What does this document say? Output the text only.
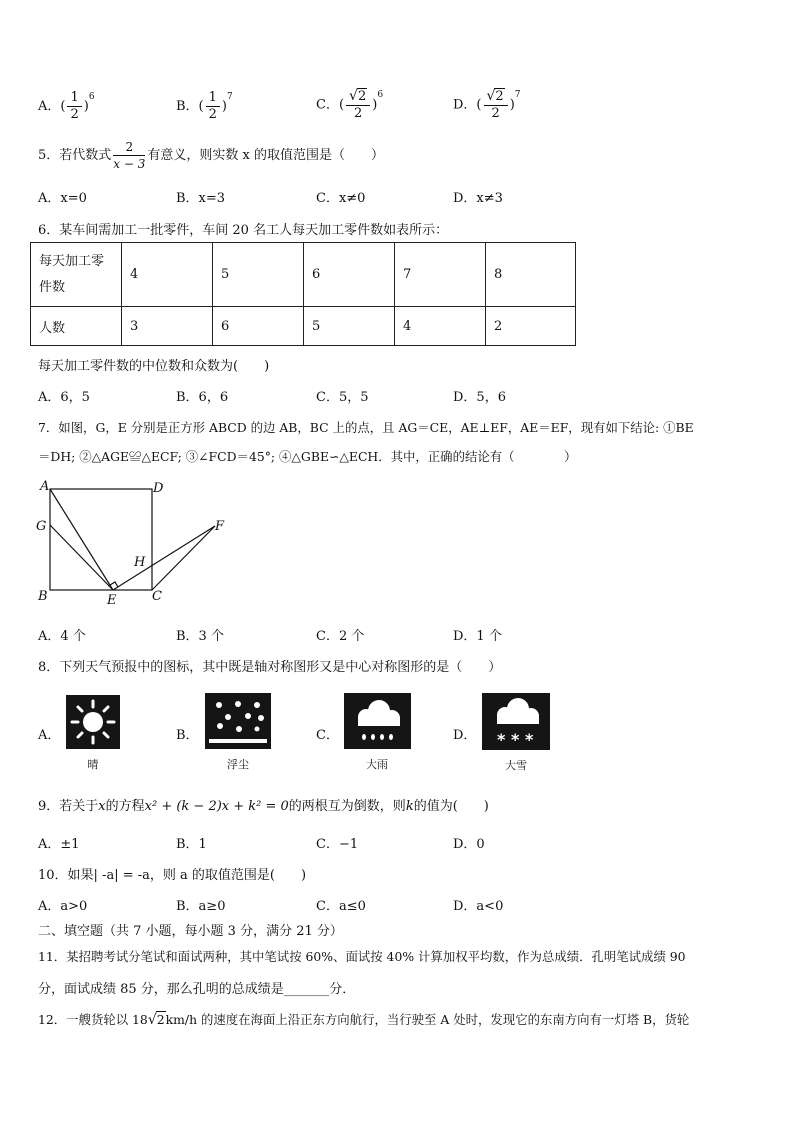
A．( $\frac{1}{2} )^6$
B．( $\frac{1}{2} )^7$
C．( $\frac{√2}{2} )^6$
D．( $\frac{√2}{2} )^7$
5．若代数式 $\frac{2}{x - 3}$ 有意义，则实数 x 的取值范围是（　　）
A．x=0	B．x=3	C．x≠0	D．x≠3
6．某车间需加工一批零件，车间 20 名工人每天加工零件数如表所示：
每天加工零
件数	4	5	6	7	8
人数	3	6	5	4	2
每天加工零件数的中位数和众数为(　　)
A．6，5	B．6，6	C．5，5	D．5，6
7．如图，G，E 分别是正方形 ABCD 的边 AB，BC 上的点，且 AG＝CE，AE⊥EF，AE＝EF，现有如下结论: ①BE
＝DH; ②△AGE≌△ECF; ③∠FCD＝45°; ④△GBE∽△ECH．其中，正确的结论有（　　　　）
A	D
G	F
H
B	E	C
A．4 个	B．3 个	C．2 个	D．1 个
8．下列天气预报中的图标，其中既是轴对称图形又是中心对称图形的是（　　）
A．	B．	C．	D．
晴	浮尘	大雨
* * *
大雪
9．若关于x的方程x² + (k − 2)x + k² = 0的两根互为倒数，则k的值为(　　)
A．±1	B．1	C．−1	D．0
10．如果| -a| = -a，则 a 的取值范围是(　　)
A．a>0	B．a≥0	C．a≤0	D．a<0
二、填空题（共 7 小题，每小题 3 分，满分 21 分）
11．某招聘考试分笔试和面试两种，其中笔试按 60%、面试按 40% 计算加权平均数，作为总成绩．孔明笔试成绩 90
分，面试成绩 85 分，那么孔明的总成绩是_______分．
12．一艘货轮以 18√2km/h 的速度在海面上沿正东方向航行，当行驶至 A 处时，发现它的东南方向有一灯塔 B，货轮
